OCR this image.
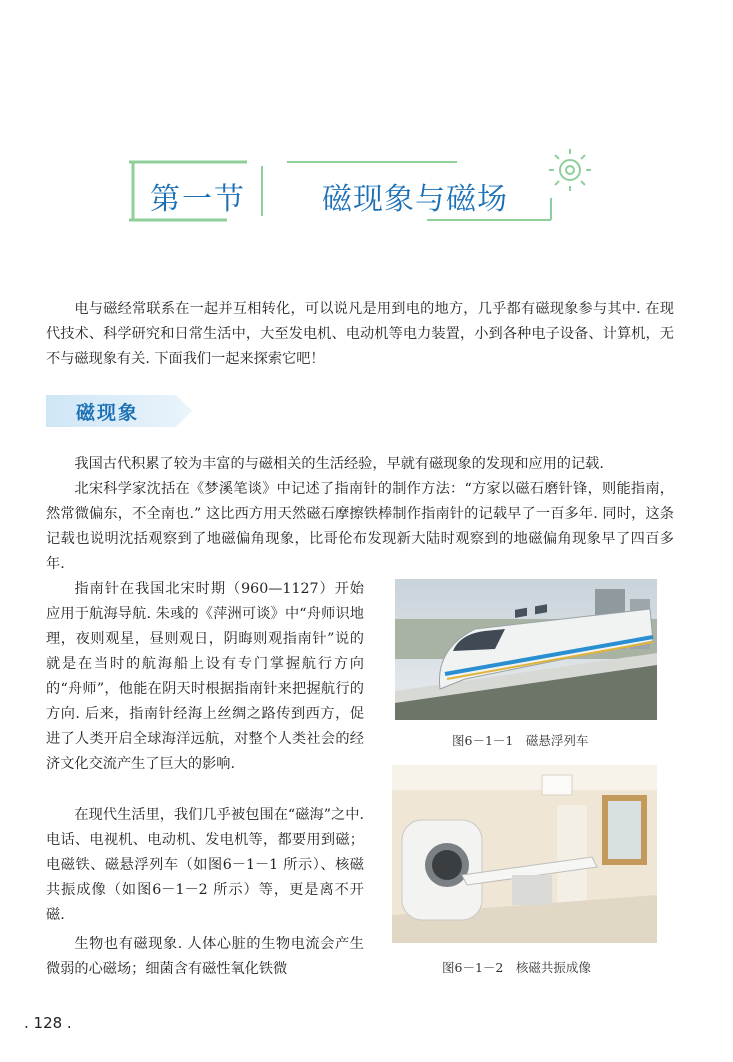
第一节	磁现象与磁场

电与磁经常联系在一起并互相转化，可以说凡是用到电的地方，几乎都有磁现象参与其中. 在现代技术、科学研究和日常生活中，大至发电机、电动机等电力装置，小到各种电子设备、计算机，无不与磁现象有关. 下面我们一起来探索它吧！

磁现象

我国古代积累了较为丰富的与磁相关的生活经验，早就有磁现象的发现和应用的记载.

北宋科学家沈括在《梦溪笔谈》中记述了指南针的制作方法：“方家以磁石磨针锋，则能指南，然常微偏东，不全南也.” 这比西方用天然磁石摩擦铁棒制作指南针的记载早了一百多年. 同时，这条记载也说明沈括观察到了地磁偏角现象，比哥伦布发现新大陆时观察到的地磁偏角现象早了四百多年.

指南针在我国北宋时期（960—1127）开始应用于航海导航. 朱彧的《萍洲可谈》中“舟师识地理，夜则观星，昼则观日，阴晦则观指南针”说的就是在当时的航海船上设有专门掌握航行方向的“舟师”，他能在阴天时根据指南针来把握航行的方向. 后来，指南针经海上丝绸之路传到西方，促进了人类开启全球海洋远航，对整个人类社会的经济文化交流产生了巨大的影响.

在现代生活里，我们几乎被包围在“磁海”之中. 电话、电视机、电动机、发电机等，都要用到磁；电磁铁、磁悬浮列车（如图6－1－1 所示）、核磁共振成像（如图6－1－2 所示）等，更是离不开磁.

生物也有磁现象. 人体心脏的生物电流会产生微弱的心磁场；细菌含有磁性氧化铁微

图6－1－1　磁悬浮列车
图6－1－2　核磁共振成像
. 128 .
